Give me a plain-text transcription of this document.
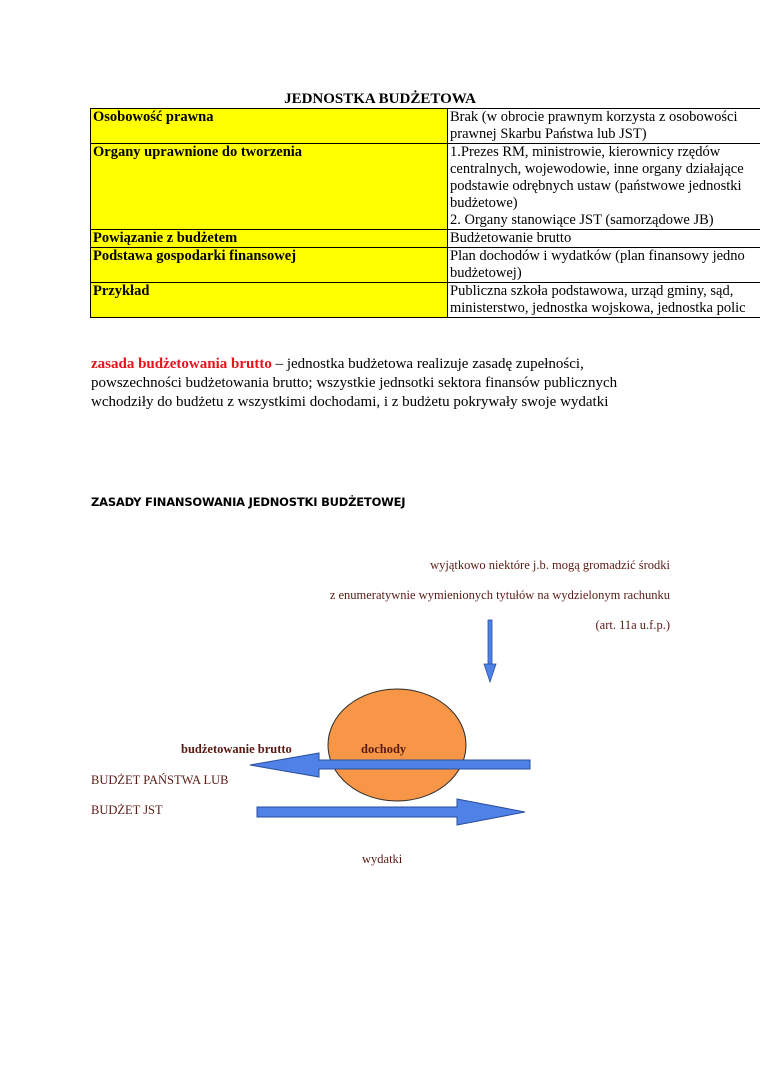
JEDNOSTKA BUDŻETOWA
Osobowość prawna	Brak (w obrocie prawnym korzysta z osobowości
prawnej Skarbu Państwa lub JST)

Organy uprawnione do tworzenia	1.Prezes RM, ministrowie, kierownicy rzędów
centralnych, wojewodowie, inne organy działające
podstawie odrębnych ustaw (państwowe jednostki
budżetowe)
2. Organy stanowiące JST (samorządowe JB)

Powiązanie z budżetem	Budżetowanie brutto

Podstawa gospodarki finansowej	Plan dochodów i wydatków (plan finansowy jedno
budżetowej)

Przykład	Publiczna szkoła podstawowa, urząd gminy, sąd,
ministerstwo, jednostka wojskowa, jednostka polic
zasada budżetowania brutto – jednostka budżetowa realizuje zasadę zupełności,
powszechności budżetowania brutto; wszystkie jednsotki sektora finansów publicznych
wchodziły do budżetu z wszystkimi dochodami, i z budżetu pokrywały swoje wydatki
ZASADY FINANSOWANIA JEDNOSTKI BUDŻETOWEJ
wyjątkowo niektóre j.b. mogą gromadzić środki
z enumeratywnie wymienionych tytułów na wydzielonym rachunku
(art. 11a u.f.p.)
budżetowanie brutto	dochody
BUDŻET PAŃSTWA LUB
BUDŻET JST
wydatki
